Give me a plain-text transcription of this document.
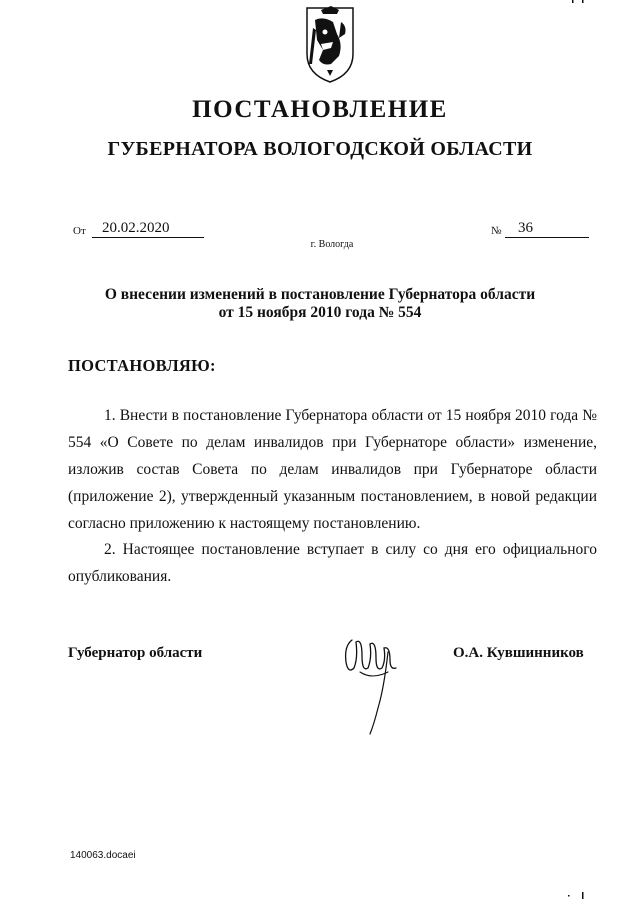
ПОСТАНОВЛЕНИЕ
ГУБЕРНАТОРА ВОЛОГОДСКОЙ ОБЛАСТИ
От 20.02.2020	№ 36
г. Вологда
О внесении изменений в постановление Губернатора области
от 15 ноября 2010 года № 554
ПОСТАНОВЛЯЮ:
1. Внести в постановление Губернатора области от 15 ноября 2010 года № 554 «О Совете по делам инвалидов при Губернаторе области» изменение, изложив состав Совета по делам инвалидов при Губернаторе области (приложение 2), утвержденный указанным постановлением, в новой редакции согласно приложению к настоящему постановлению.
2. Настоящее постановление вступает в силу со дня его официального опубликования.
Губернатор области	О.А. Кувшинников
140063.docaei
